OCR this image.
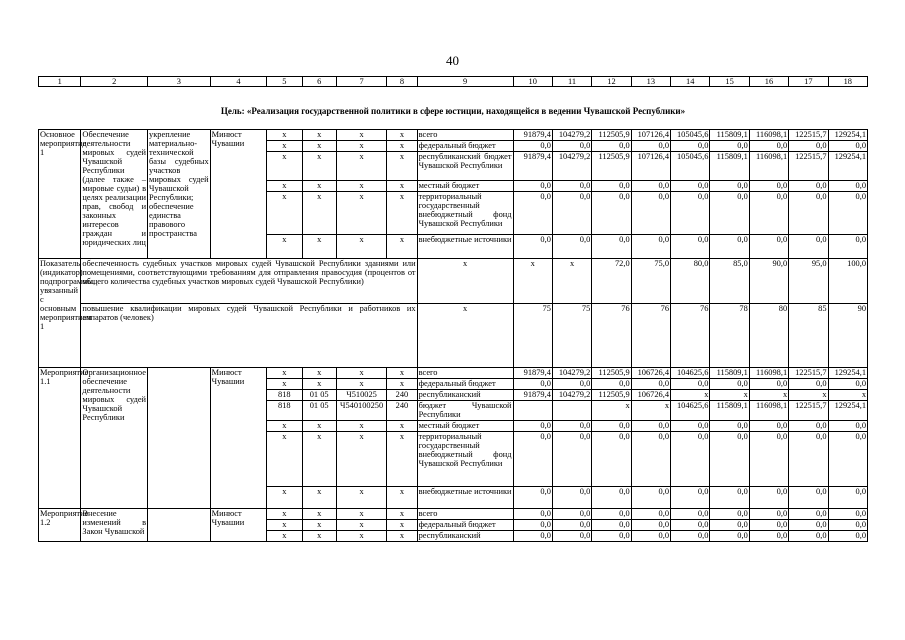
40
1	2	3	4	5	6	7	8	9	10	11	12	13	14	15	16	17	18
Цель: «Реализация государственной политики в сфере юстиции, находящейся в ведении Чувашской Республики»																	
Основное мероприятие 1	Обеспечение деятельности мировых судей Чувашской Республики (далее также – мировые судьи) в целях реализации прав, свобод и законных интересов граждан и юридических лиц	укрепление материально-технической базы судебных участков мировых судей Чувашской Республики; обеспечение единства правового пространства	Минюст Чувашии	x	x	x	x	всего	91879,4	104279,2	112505,9	107126,4	105045,6	115809,1	116098,1	122515,7	129254,1
				x	x	x	x	федеральный бюджет	0,0	0,0	0,0	0,0	0,0	0,0	0,0	0,0	0,0
				x	x	x	x	республиканский бюджет Чувашской Республики	91879,4	104279,2	112505,9	107126,4	105045,6	115809,1	116098,1	122515,7	129254,1
				x	x	x	x	местный бюджет	0,0	0,0	0,0	0,0	0,0	0,0	0,0	0,0	0,0
				x	x	x	x	территориальный государственный внебюджетный фонд Чувашской Республики	0,0	0,0	0,0	0,0	0,0	0,0	0,0	0,0	0,0
				x	x	x	x	внебюджетные источники	0,0	0,0	0,0	0,0	0,0	0,0	0,0	0,0	0,0
Показатель (индикатор) подпрограммы, увязанный с основным мероприятием 1	обеспеченность судебных участков мировых судей Чувашской Республики зданиями или помещениями, соответствующими требованиям для отправления правосудия (процентов от общего количества судебных участков мировых судей Чувашской Республики)							x	x	x	72,0	75,0	80,0	85,0	90,0	95,0	100,0
	повышение квалификации мировых судей Чувашской Республики и работников их аппаратов (человек)							x	75	75	76	76	76	78	80	85	90
Мероприятие 1.1	Организационное обеспечение деятельности мировых судей Чувашской Республики		Минюст Чувашии	x	x	x	x	всего	91879,4	104279,2	112505,9	106726,4	104625,6	115809,1	116098,1	122515,7	129254,1
				x	x	x	x	федеральный бюджет	0,0	0,0	0,0	0,0	0,0	0,0	0,0	0,0	0,0
				818	01 05	Ч510025	240	республиканский	91879,4	104279,2	112505,9	106726,4	x	x	x	x	x
				818	01 05	Ч540100250	240	бюджет Чувашской Республики			x	x	104625,6	115809,1	116098,1	122515,7	129254,1
				x	x	x	x	местный бюджет	0,0	0,0	0,0	0,0	0,0	0,0	0,0	0,0	0,0
				x	x	x	x	территориальный государственный внебюджетный фонд Чувашской Республики	0,0	0,0	0,0	0,0	0,0	0,0	0,0	0,0	0,0
				x	x	x	x	внебюджетные источники	0,0	0,0	0,0	0,0	0,0	0,0	0,0	0,0	0,0
Мероприятие 1.2	Внесение изменений в Закон Чувашской		Минюст Чувашии	x	x	x	x	всего	0,0	0,0	0,0	0,0	0,0	0,0	0,0	0,0	0,0
				x	x	x	x	федеральный бюджет	0,0	0,0	0,0	0,0	0,0	0,0	0,0	0,0	0,0
				x	x	x	x	республиканский	0,0	0,0	0,0	0,0	0,0	0,0	0,0	0,0	0,0
